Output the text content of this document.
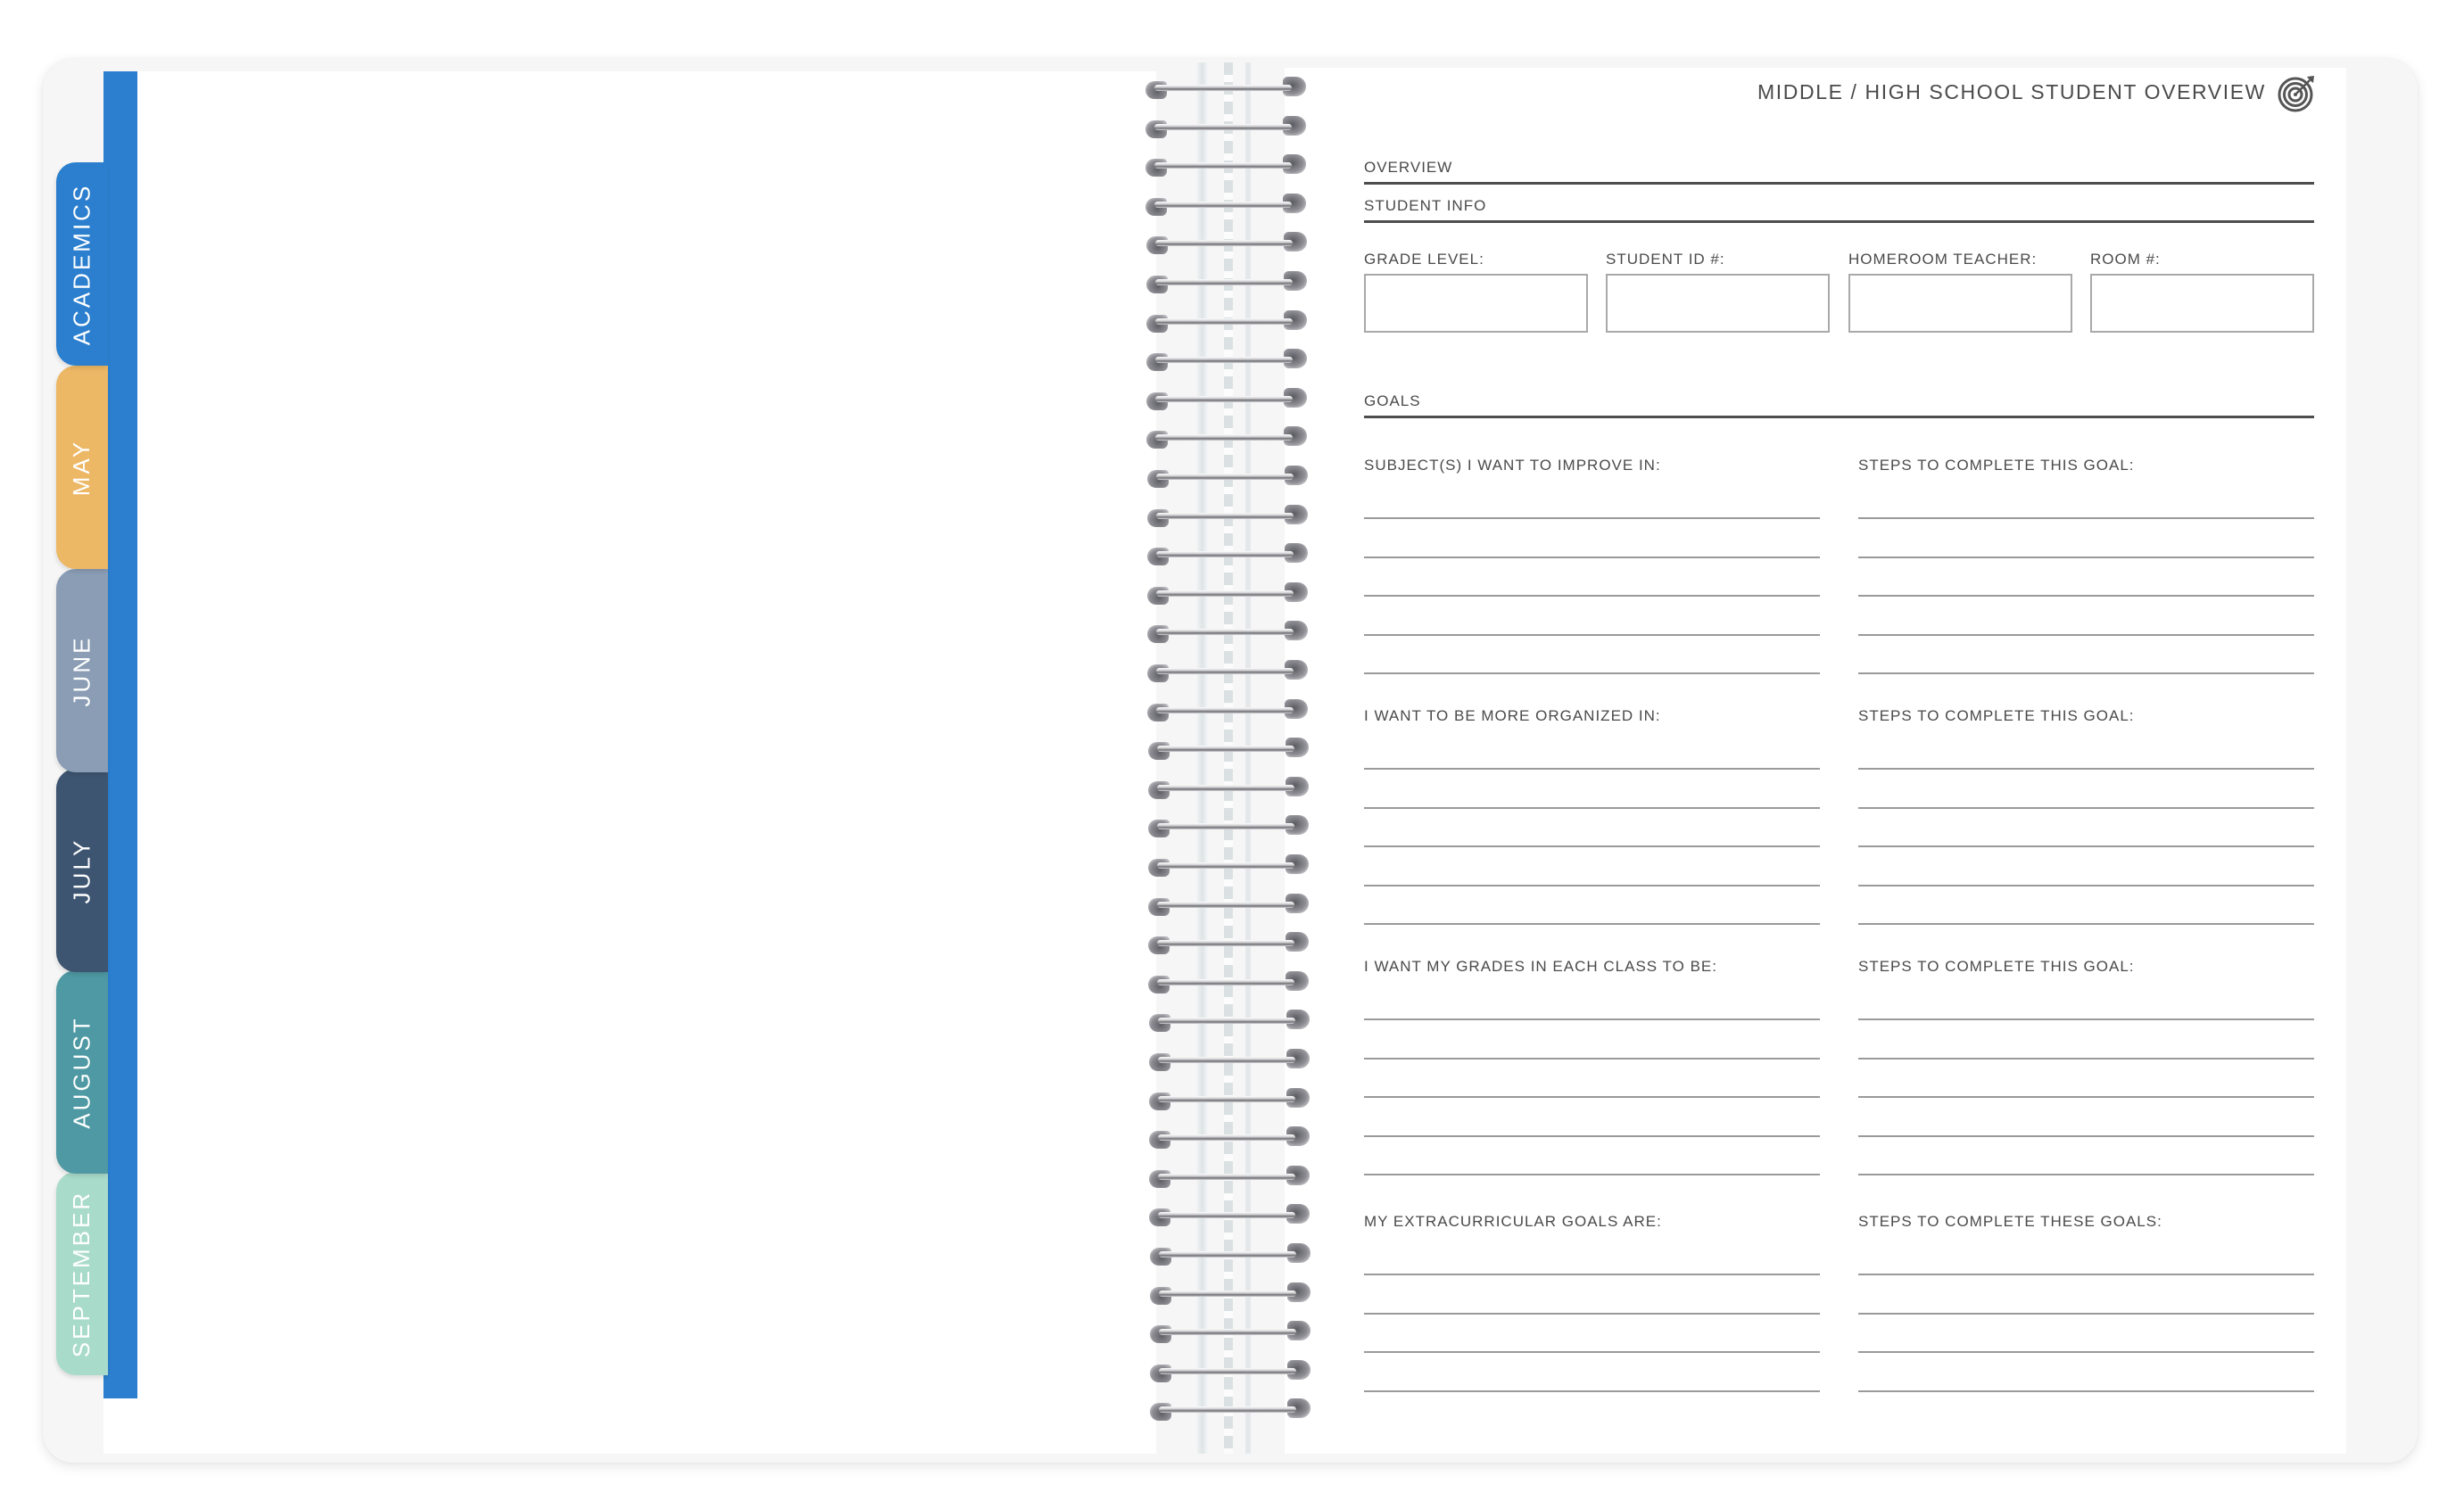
ACADEMICS
MAY
JUNE
JULY
AUGUST
SEPTEMBER
MIDDLE / HIGH SCHOOL STUDENT OVERVIEW
OVERVIEW
STUDENT INFO
GRADE LEVEL:	STUDENT ID #:	HOMEROOM TEACHER:	ROOM #:
GOALS
SUBJECT(S) I WANT TO IMPROVE IN:	STEPS TO COMPLETE THIS GOAL:
I WANT TO BE MORE ORGANIZED IN:	STEPS TO COMPLETE THIS GOAL:
I WANT MY GRADES IN EACH CLASS TO BE:	STEPS TO COMPLETE THIS GOAL:
MY EXTRACURRICULAR GOALS ARE:	STEPS TO COMPLETE THESE GOALS:
